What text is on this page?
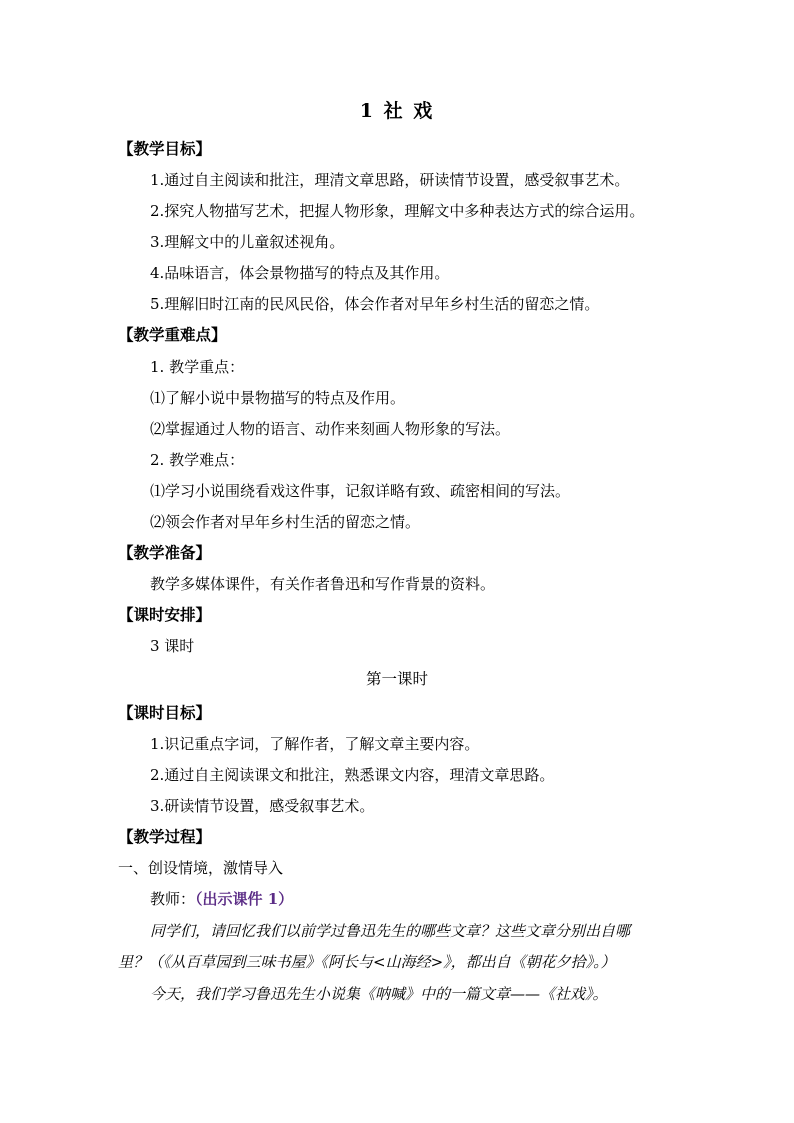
1 社 戏
【教学目标】
1.通过自主阅读和批注，理清文章思路，研读情节设置，感受叙事艺术。
2.探究人物描写艺术，把握人物形象，理解文中多种表达方式的综合运用。
3.理解文中的儿童叙述视角。
4.品味语言，体会景物描写的特点及其作用。
5.理解旧时江南的民风民俗，体会作者对早年乡村生活的留恋之情。
【教学重难点】
1. 教学重点：
⑴了解小说中景物描写的特点及作用。
⑵掌握通过人物的语言、动作来刻画人物形象的写法。
2. 教学难点：
⑴学习小说围绕看戏这件事，记叙详略有致、疏密相间的写法。
⑵领会作者对早年乡村生活的留恋之情。
【教学准备】
教学多媒体课件，有关作者鲁迅和写作背景的资料。
【课时安排】
3 课时
第一课时
【课时目标】
1.识记重点字词，了解作者，了解文章主要内容。
2.通过自主阅读课文和批注，熟悉课文内容，理清文章思路。
3.研读情节设置，感受叙事艺术。
【教学过程】
一、创设情境，激情导入
教师：（出示课件 1）
同学们，请回忆我们以前学过鲁迅先生的哪些文章？这些文章分别出自哪
里？（《从百草园到三味书屋》《阿长与<山海经>》，都出自《朝花夕拾》。）
今天，我们学习鲁迅先生小说集《呐喊》中的一篇文章——《社戏》。
